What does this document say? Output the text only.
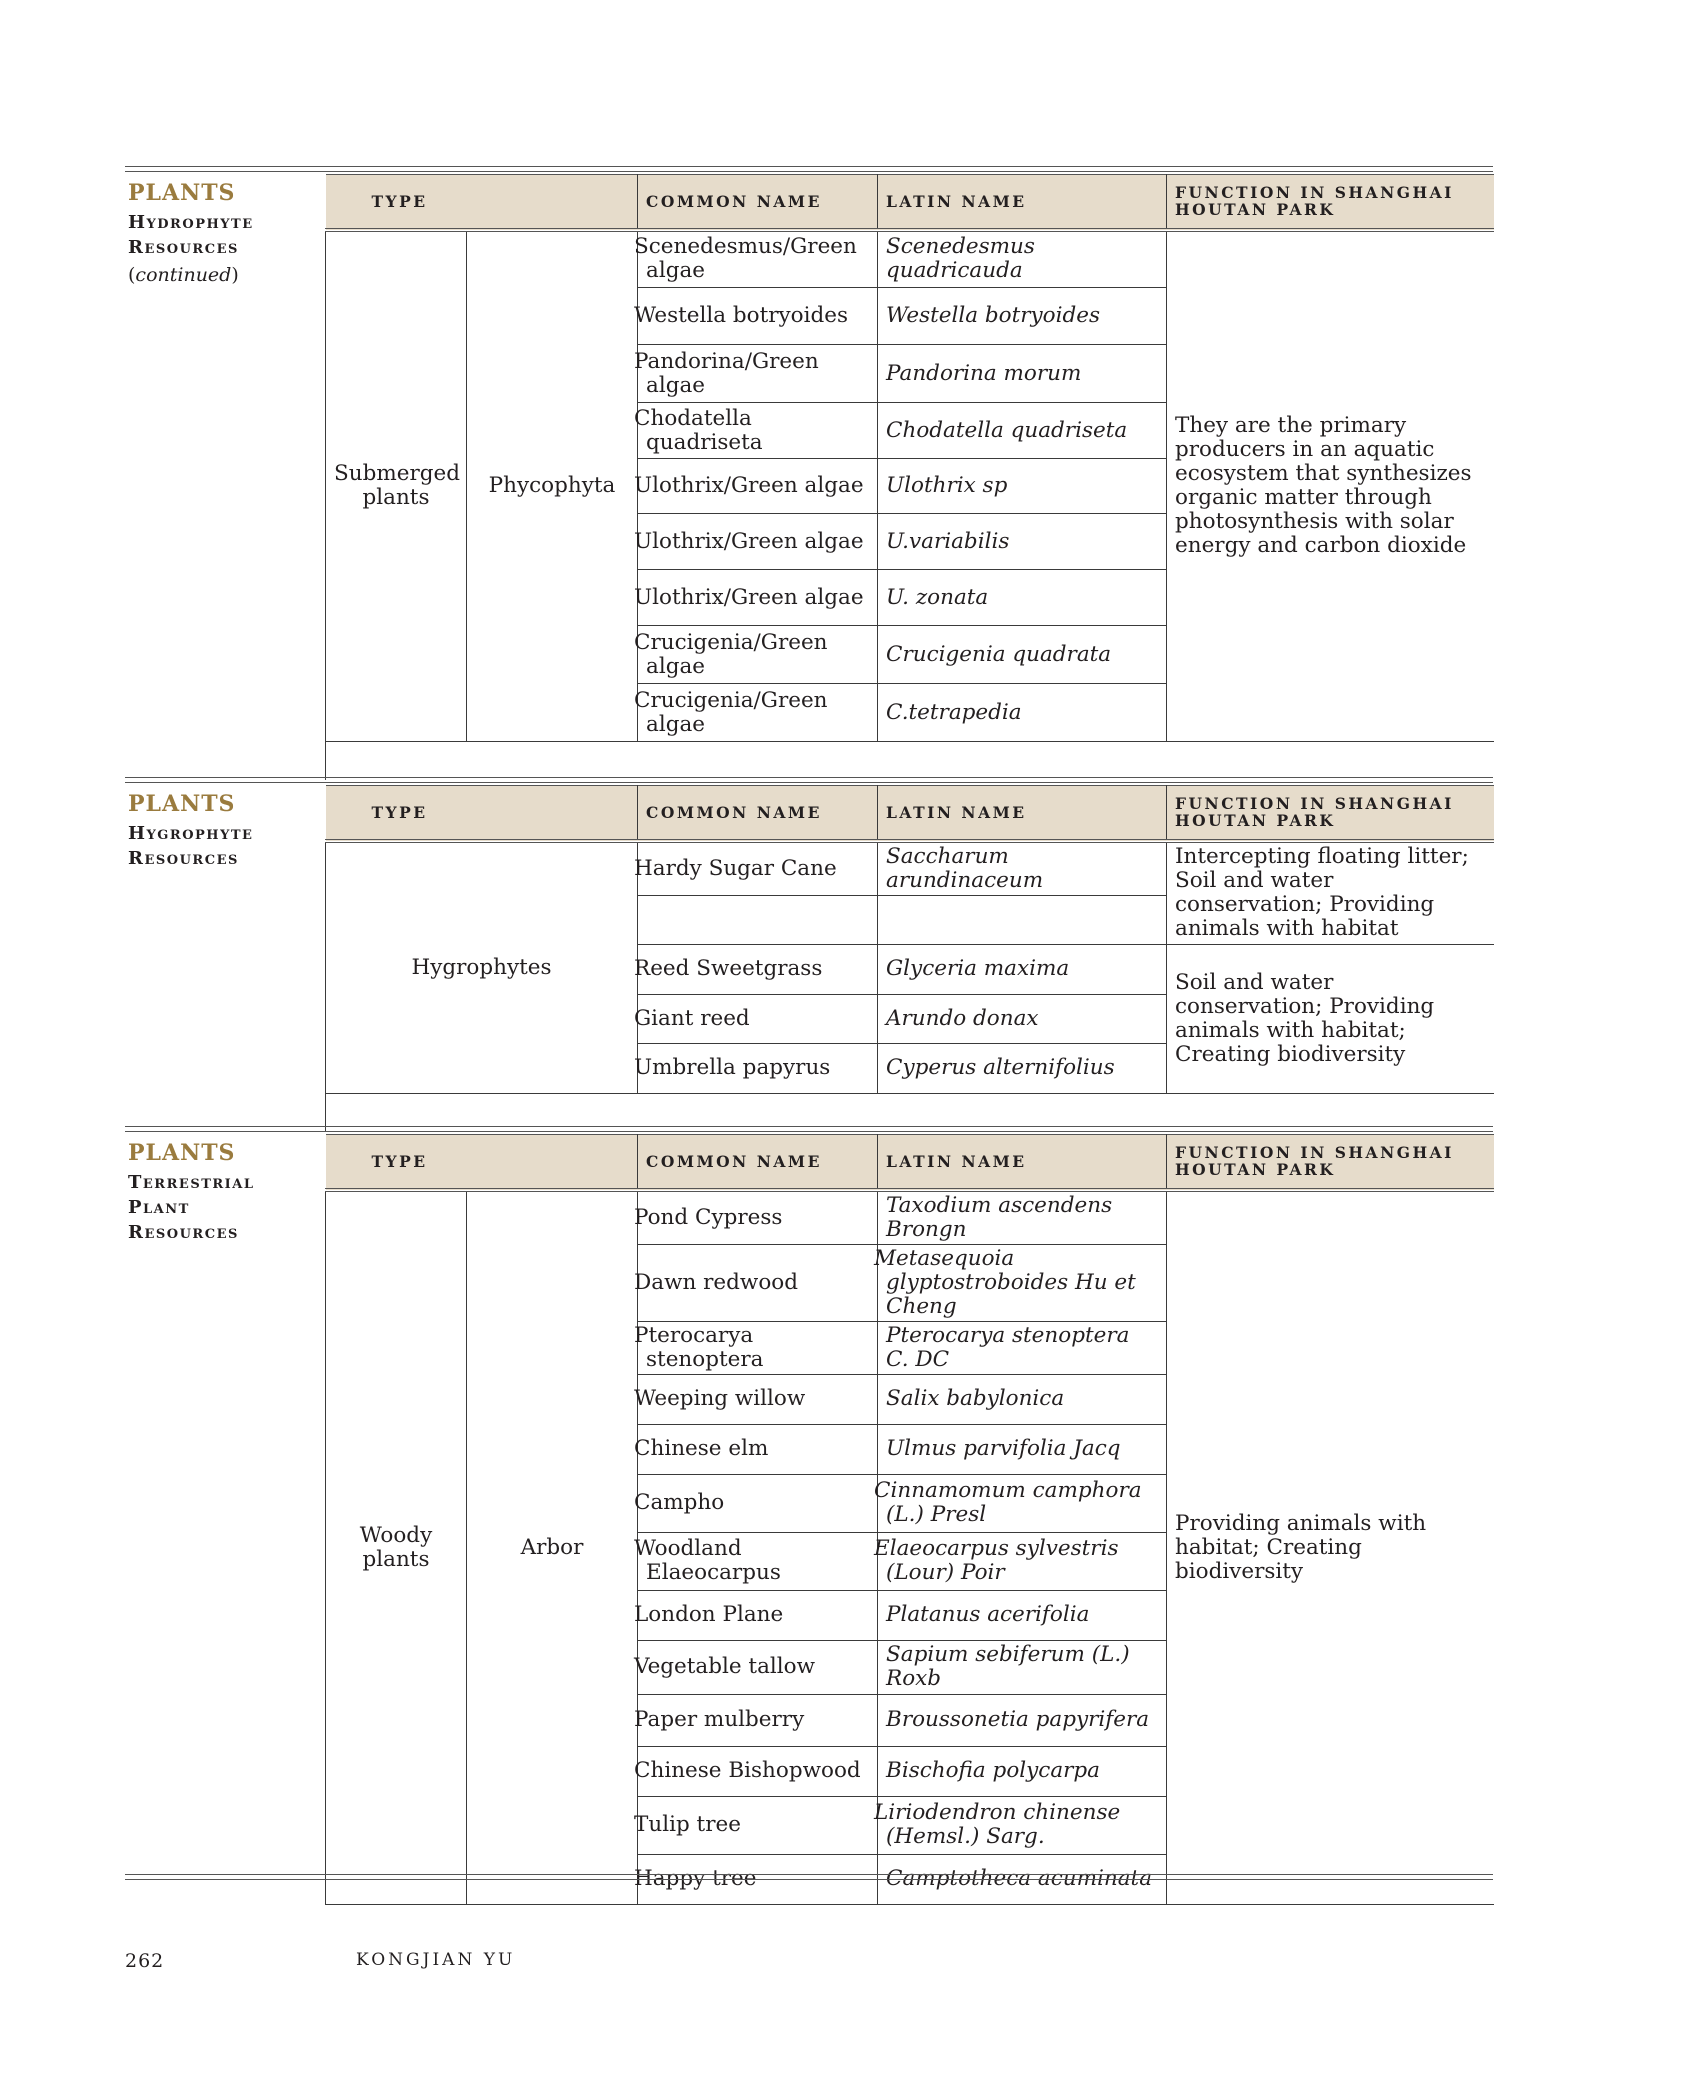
PLANTS
Hydrophyte
Resources
(continued)
TYPE		COMMON NAME	LATIN NAME	FUNCTION IN SHANGHAI
HOUTAN PARK

Submerged plants	Phycophyta	Scenedesmus/Green algae	Scenedesmus quadricauda	They are the primary producers in an aquatic ecosystem that synthesizes organic matter through photosynthesis with solar energy and carbon dioxide
		Westella botryoides	Westella botryoides	
		Pandorina/Green algae	Pandorina morum	
		Chodatella quadriseta	Chodatella quadriseta	
		Ulothrix/Green algae	Ulothrix sp	
		Ulothrix/Green algae	U.variabilis	
		Ulothrix/Green algae	U. zonata	
		Crucigenia/Green algae	Crucigenia quadrata	
		Crucigenia/Green algae	C.tetrapedia	

PLANTS
Hygrophyte
Resources
TYPE	COMMON NAME	LATIN NAME	FUNCTION IN SHANGHAI
HOUTAN PARK

Hygrophytes	Hardy Sugar Cane	Saccharum arundinaceum	Intercepting floating litter; Soil and water conservation; Providing animals with habitat

	Reed Sweetgrass	Glyceria maxima	Soil and water conservation; Providing animals with habitat; Creating biodiversity
	Giant reed	Arundo donax	
	Umbrella papyrus	Cyperus alternifolius	

PLANTS
Terrestrial
Plant
Resources
TYPE		COMMON NAME	LATIN NAME	FUNCTION IN SHANGHAI
HOUTAN PARK

Woody plants	Arbor	Pond Cypress	Taxodium ascendens Brongn	Providing animals with habitat; Creating biodiversity
		Dawn redwood	Metasequoia glyptostroboides Hu et Cheng	
		Pterocarya stenoptera	Pterocarya stenoptera C. DC	
		Weeping willow	Salix babylonica	
		Chinese elm	Ulmus parvifolia Jacq	
		Campho	Cinnamomum camphora (L.) Presl	
		Woodland Elaeocarpus	Elaeocarpus sylvestris (Lour) Poir	
		London Plane	Platanus acerifolia	
		Vegetable tallow	Sapium sebiferum (L.) Roxb	
		Paper mulberry	Broussonetia papyrifera	
		Chinese Bishopwood	Bischofia polycarpa	
		Tulip tree	Liriodendron chinense (Hemsl.) Sarg.	
		Happy tree	Camptotheca acuminata	
262	KONGJIAN YU
